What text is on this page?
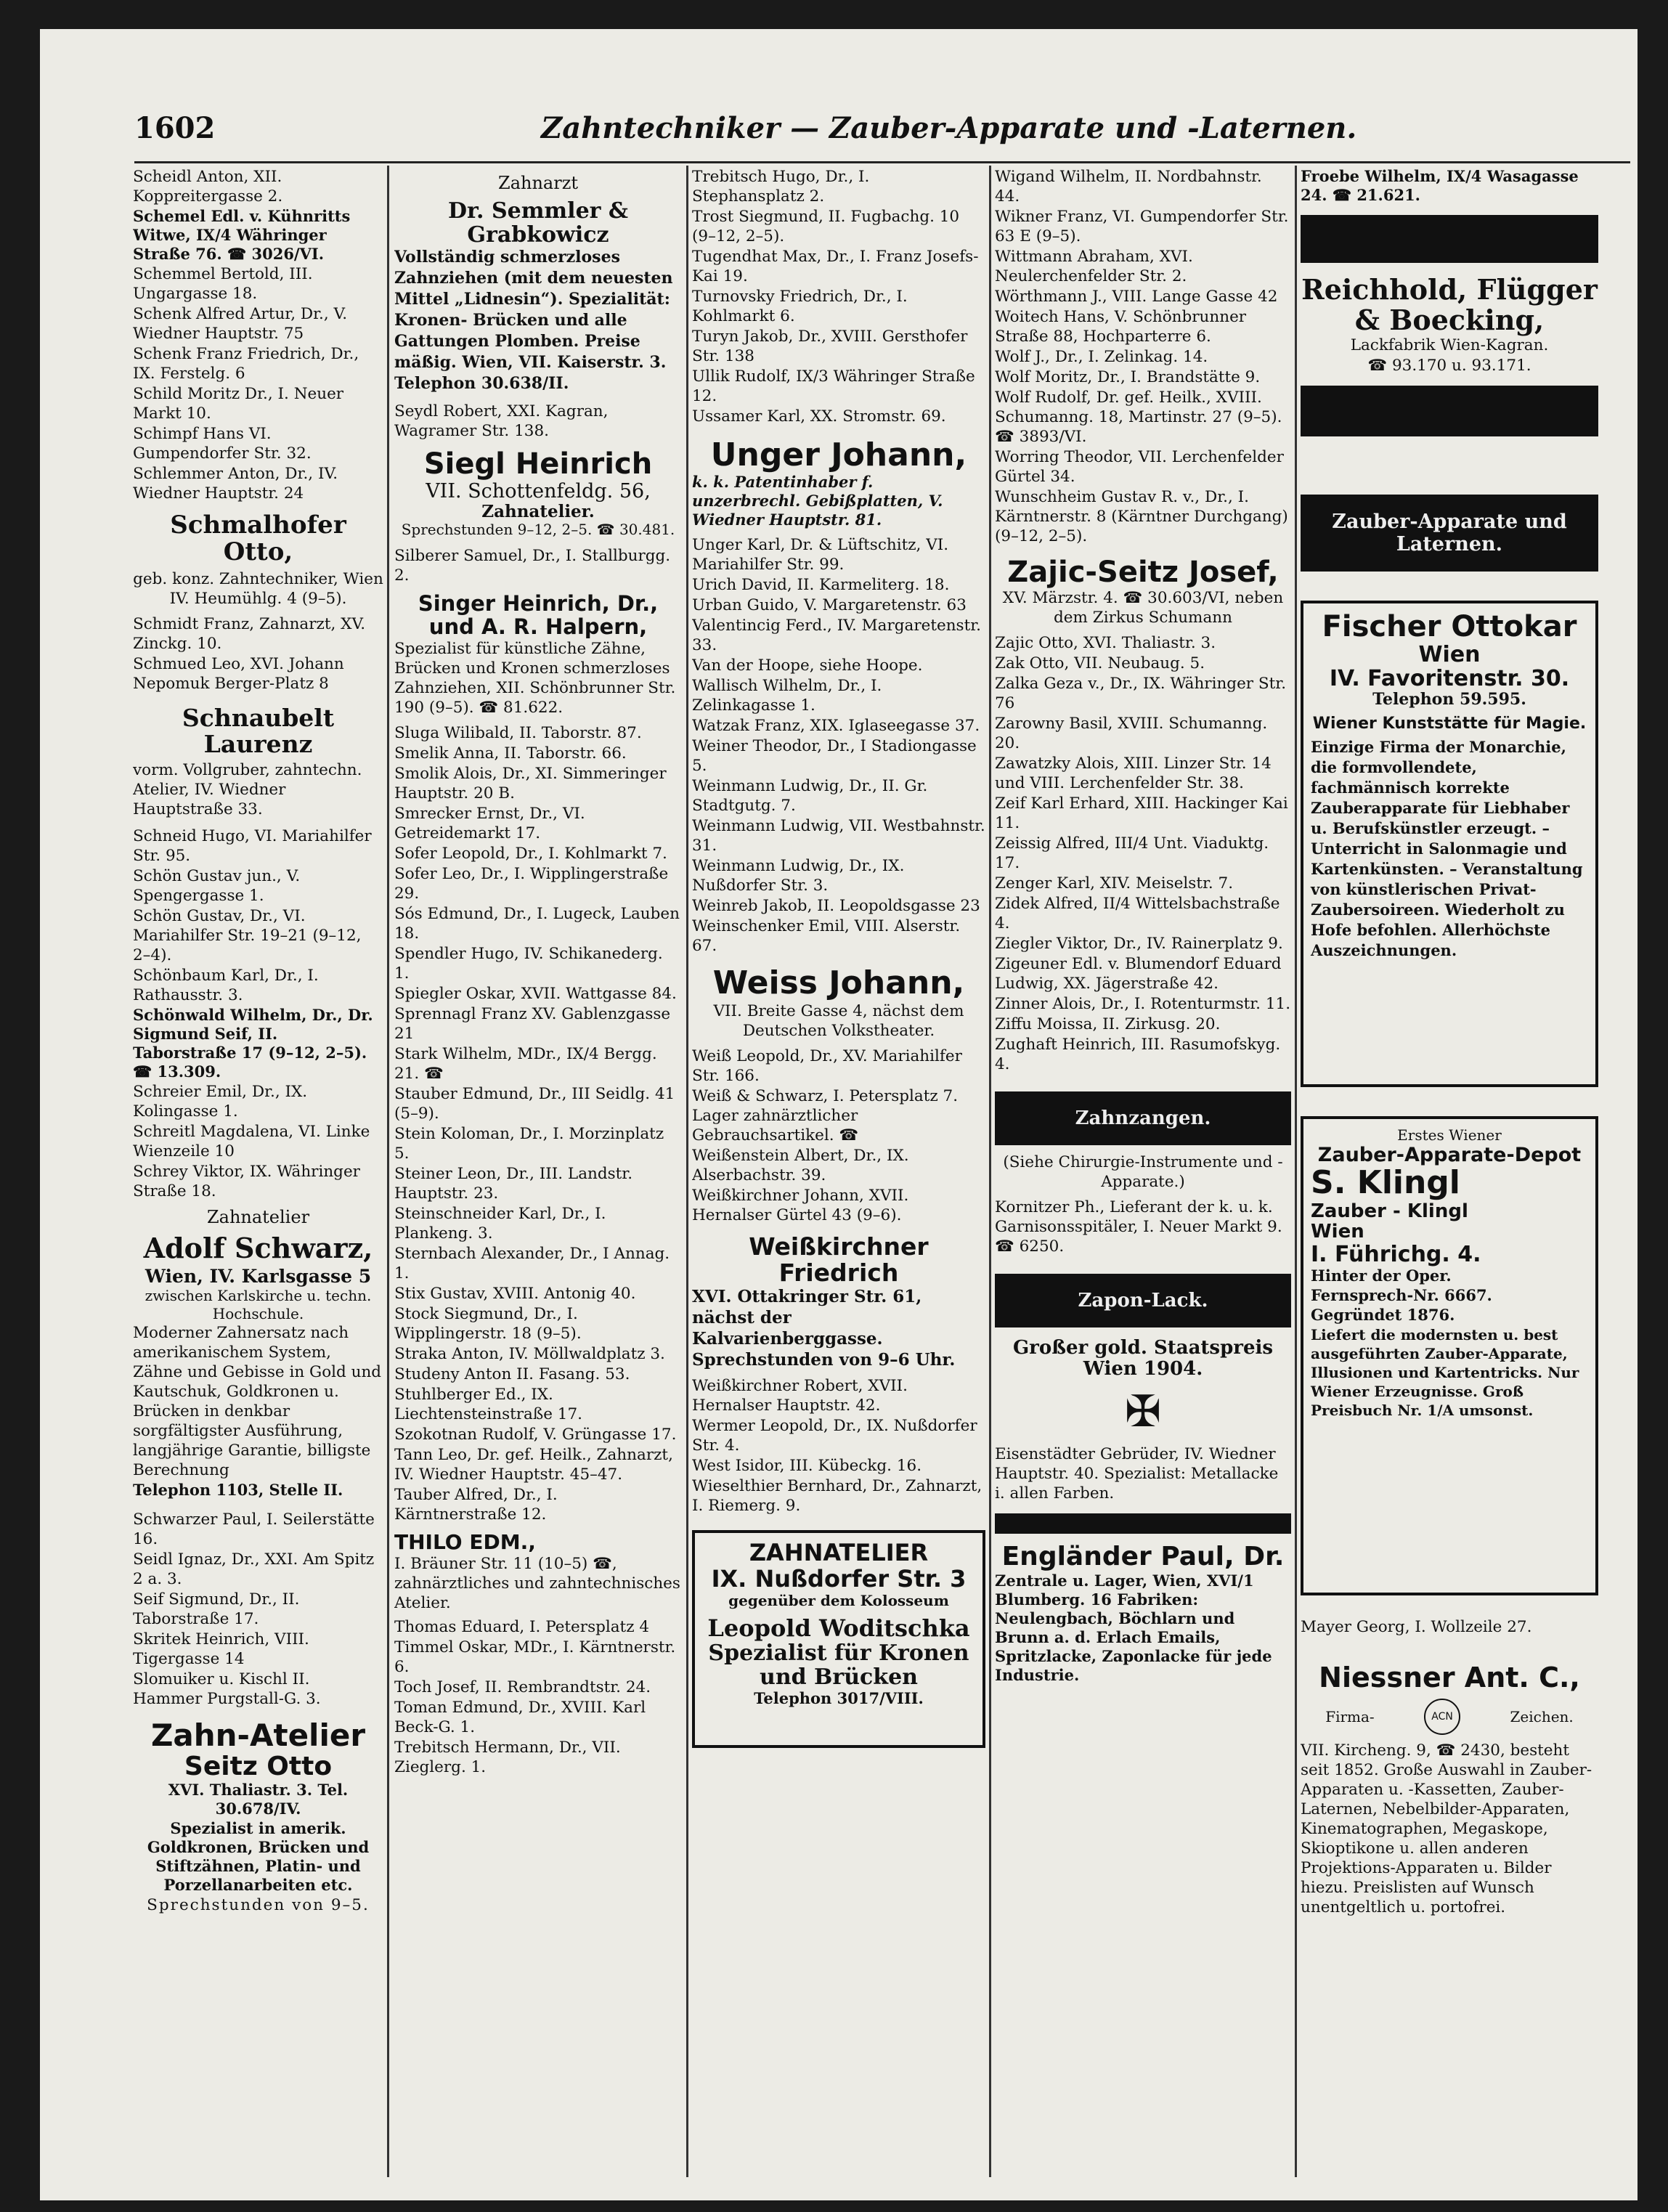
1602	Zahntechniker — Zauber-Apparate und -Laternen.
Scheidl Anton, XII. Koppreitergasse 2.
Schemel Edl. v. Kühnritts Witwe, IX/4 Währinger Straße 76. ☎ 3026/VI.
Schemmel Bertold, III. Ungargasse 18.
Schenk Alfred Artur, Dr., V. Wiedner Hauptstr. 75
Schenk Franz Friedrich, Dr., IX. Ferstelg. 6
Schild Moritz Dr., I. Neuer Markt 10.
Schimpf Hans VI. Gumpendorfer Str. 32.
Schlemmer Anton, Dr., IV. Wiedner Hauptstr. 24
Schmalhofer Otto,
geb. konz. Zahntechniker, Wien IV. Heumühlg. 4 (9–5).
Schmidt Franz, Zahnarzt, XV. Zinckg. 10.
Schmued Leo, XVI. Johann Nepomuk Berger-Platz 8
Schnaubelt Laurenz
vorm. Vollgruber, zahntechn. Atelier, IV. Wiedner Hauptstraße 33.
Schneid Hugo, VI. Mariahilfer Str. 95.
Schön Gustav jun., V. Spengergasse 1.
Schön Gustav, Dr., VI. Mariahilfer Str. 19–21 (9–12, 2–4).
Schönbaum Karl, Dr., I. Rathausstr. 3.
Schönwald Wilhelm, Dr., Dr. Sigmund Seif, II. Taborstraße 17 (9–12, 2–5). ☎ 13.309.
Schreier Emil, Dr., IX. Kolingasse 1.
Schreitl Magdalena, VI. Linke Wienzeile 10
Schrey Viktor, IX. Währinger Straße 18.
Zahnatelier
Adolf Schwarz,
Wien, IV. Karlsgasse 5
zwischen Karlskirche u. techn. Hochschule.
Moderner Zahnersatz nach amerikanischem System, Zähne und Gebisse in Gold und Kautschuk, Goldkronen u. Brücken in denkbar sorgfältigster Ausführung, langjährige Garantie, billigste Berechnung
Telephon 1103, Stelle II.
Schwarzer Paul, I. Seilerstätte 16.
Seidl Ignaz, Dr., XXI. Am Spitz 2 a. 3.
Seif Sigmund, Dr., II. Taborstraße 17.
Skritek Heinrich, VIII. Tigergasse 14
Slomuiker u. Kischl II. Hammer Purgstall-G. 3.
Zahn-Atelier
Seitz Otto
XVI. Thaliastr. 3. Tel. 30.678/IV.
Spezialist in amerik. Goldkronen, Brücken und Stiftzähnen, Platin- und Porzellanarbeiten etc.
Sprechstunden von 9–5.
Zahnarzt
Dr. Semmler & Grabkowicz
Vollständig schmerzloses Zahnziehen (mit dem neuesten Mittel „Lidnesin“). Spezialität: Kronen- Brücken und alle Gattungen Plomben. Preise mäßig. Wien, VII. Kaiserstr. 3. Telephon 30.638/II.
Seydl Robert, XXI. Kagran, Wagramer Str. 138.
Siegl Heinrich
VII. Schottenfeldg. 56,
Zahnatelier.
Sprechstunden 9–12, 2–5. ☎ 30.481.
Silberer Samuel, Dr., I. Stallburgg. 2.
Singer Heinrich, Dr., und A. R. Halpern,
Spezialist für künstliche Zähne, Brücken und Kronen schmerzloses Zahnziehen, XII. Schönbrunner Str. 190 (9–5). ☎ 81.622.
Sluga Wilibald, II. Taborstr. 87.
Smelik Anna, II. Taborstr. 66.
Smolik Alois, Dr., XI. Simmeringer Hauptstr. 20 B.
Smrecker Ernst, Dr., VI. Getreidemarkt 17.
Sofer Leopold, Dr., I. Kohlmarkt 7.
Sofer Leo, Dr., I. Wipplingerstraße 29.
Sós Edmund, Dr., I. Lugeck, Lauben 18.
Spendler Hugo, IV. Schikanederg. 1.
Spiegler Oskar, XVII. Wattgasse 84.
Sprennagl Franz XV. Gablenzgasse 21
Stark Wilhelm, MDr., IX/4 Bergg. 21. ☎
Stauber Edmund, Dr., III Seidlg. 41 (5–9).
Stein Koloman, Dr., I. Morzinplatz 5.
Steiner Leon, Dr., III. Landstr. Hauptstr. 23.
Steinschneider Karl, Dr., I. Plankeng. 3.
Sternbach Alexander, Dr., I Annag. 1.
Stix Gustav, XVIII. Antonig 40.
Stock Siegmund, Dr., I. Wipplingerstr. 18 (9–5).
Straka Anton, IV. Möllwaldplatz 3.
Studeny Anton II. Fasang. 53.
Stuhlberger Ed., IX. Liechtensteinstraße 17.
Szokotnan Rudolf, V. Grüngasse 17.
Tann Leo, Dr. gef. Heilk., Zahnarzt, IV. Wiedner Hauptstr. 45–47.
Tauber Alfred, Dr., I. Kärntnerstraße 12.
THILO EDM.,
I. Bräuner Str. 11 (10–5) ☎, zahnärztliches und zahntechnisches Atelier.
Thomas Eduard, I. Petersplatz 4
Timmel Oskar, MDr., I. Kärntnerstr. 6.
Toch Josef, II. Rembrandtstr. 24.
Toman Edmund, Dr., XVIII. Karl Beck-G. 1.
Trebitsch Hermann, Dr., VII. Zieglerg. 1.
Trebitsch Hugo, Dr., I. Stephansplatz 2.
Trost Siegmund, II. Fugbachg. 10 (9–12, 2–5).
Tugendhat Max, Dr., I. Franz Josefs-Kai 19.
Turnovsky Friedrich, Dr., I. Kohlmarkt 6.
Turyn Jakob, Dr., XVIII. Gersthofer Str. 138
Ullik Rudolf, IX/3 Währinger Straße 12.
Ussamer Karl, XX. Stromstr. 69.
Unger Johann,
k. k. Patentinhaber f. unzerbrechl. Gebißplatten, V. Wiedner Hauptstr. 81.
Unger Karl, Dr. & Lüftschitz, VI. Mariahilfer Str. 99.
Urich David, II. Karmeliterg. 18.
Urban Guido, V. Margaretenstr. 63
Valentincig Ferd., IV. Margaretenstr. 33.
Van der Hoope, siehe Hoope.
Wallisch Wilhelm, Dr., I. Zelinkagasse 1.
Watzak Franz, XIX. Iglaseegasse 37.
Weiner Theodor, Dr., I Stadiongasse 5.
Weinmann Ludwig, Dr., II. Gr. Stadtgutg. 7.
Weinmann Ludwig, VII. Westbahnstr. 31.
Weinmann Ludwig, Dr., IX. Nußdorfer Str. 3.
Weinreb Jakob, II. Leopoldsgasse 23
Weinschenker Emil, VIII. Alserstr. 67.
Weiss Johann,
VII. Breite Gasse 4, nächst dem Deutschen Volkstheater.
Weiß Leopold, Dr., XV. Mariahilfer Str. 166.
Weiß & Schwarz, I. Petersplatz 7. Lager zahnärztlicher Gebrauchsartikel. ☎
Weißenstein Albert, Dr., IX. Alserbachstr. 39.
Weißkirchner Johann, XVII. Hernalser Gürtel 43 (9–6).
Weißkirchner Friedrich
XVI. Ottakringer Str. 61, nächst der Kalvarienberggasse. Sprechstunden von 9–6 Uhr.
Weißkirchner Robert, XVII. Hernalser Hauptstr. 42.
Wermer Leopold, Dr., IX. Nußdorfer Str. 4.
West Isidor, III. Kübeckg. 16.
Wieselthier Bernhard, Dr., Zahnarzt, I. Riemerg. 9.
ZAHNATELIER
IX. Nußdorfer Str. 3
gegenüber dem Kolosseum
Leopold Woditschka
Spezialist für Kronen und Brücken
Telephon 3017/VIII.
Wigand Wilhelm, II. Nordbahnstr. 44.
Wikner Franz, VI. Gumpendorfer Str. 63 E (9–5).
Wittmann Abraham, XVI. Neulerchenfelder Str. 2.
Wörthmann J., VIII. Lange Gasse 42
Woitech Hans, V. Schönbrunner Straße 88, Hochparterre 6.
Wolf J., Dr., I. Zelinkag. 14.
Wolf Moritz, Dr., I. Brandstätte 9.
Wolf Rudolf, Dr. gef. Heilk., XVIII. Schumanng. 18, Martinstr. 27 (9–5). ☎ 3893/VI.
Worring Theodor, VII. Lerchenfelder Gürtel 34.
Wunschheim Gustav R. v., Dr., I. Kärntnerstr. 8 (Kärntner Durchgang) (9–12, 2–5).
Zajic-Seitz Josef,
XV. Märzstr. 4. ☎ 30.603/VI, neben dem Zirkus Schumann
Zajic Otto, XVI. Thaliastr. 3.
Zak Otto, VII. Neubaug. 5.
Zalka Geza v., Dr., IX. Währinger Str. 76
Zarowny Basil, XVIII. Schumanng. 20.
Zawatzky Alois, XIII. Linzer Str. 14 und VIII. Lerchenfelder Str. 38.
Zeif Karl Erhard, XIII. Hackinger Kai 11.
Zeissig Alfred, III/4 Unt. Viaduktg. 17.
Zenger Karl, XIV. Meiselstr. 7.
Zidek Alfred, II/4 Wittelsbachstraße 4.
Ziegler Viktor, Dr., IV. Rainerplatz 9.
Zigeuner Edl. v. Blumendorf Eduard Ludwig, XX. Jägerstraße 42.
Zinner Alois, Dr., I. Rotenturmstr. 11.
Ziffu Moissa, II. Zirkusg. 20.
Zughaft Heinrich, III. Rasumofskyg. 4.
Zahnzangen.
(Siehe Chirurgie-Instrumente und -Apparate.)
Kornitzer Ph., Lieferant der k. u. k. Garnisonsspitäler, I. Neuer Markt 9. ☎ 6250.
Zapon-Lack.
Großer gold. Staatspreis Wien 1904.
✠
Eisenstädter Gebrüder, IV. Wiedner Hauptstr. 40. Spezialist: Metallacke i. allen Farben.
Engländer Paul, Dr.
Zentrale u. Lager, Wien, XVI/1 Blumberg. 16 Fabriken: Neulengbach, Böchlarn und Brunn a. d. Erlach Emails, Spritzlacke, Zaponlacke für jede Industrie.
Froebe Wilhelm, IX/4 Wasagasse 24. ☎ 21.621.
Reichhold, Flügger & Boecking,
Lackfabrik Wien-Kagran.
☎ 93.170 u. 93.171.
Zauber-Apparate und Laternen.
Fischer Ottokar
Wien
IV. Favoritenstr. 30.
Telephon 59.595.
Wiener Kunststätte für Magie.
Einzige Firma der Monarchie, die formvollendete, fachmännisch korrekte Zauberapparate für Liebhaber u. Berufskünstler erzeugt. – Unterricht in Salonmagie und Kartenkünsten. – Veranstaltung von künstlerischen Privat-Zaubersoireen. Wiederholt zu Hofe befohlen. Allerhöchste Auszeichnungen.
Erstes Wiener
Zauber-Apparate-Depot
S. Klingl
Zauber - Klingl
Wien
I. Führichg. 4.
Hinter der Oper.
Fernsprech-Nr. 6667.
Gegründet 1876.
Liefert die modernsten u. best ausgeführten Zauber-Apparate, Illusionen und Kartentricks. Nur Wiener Erzeugnisse. Groß Preisbuch Nr. 1/A umsonst.
Mayer Georg, I. Wollzeile 27.
Niessner Ant. C.,
Firma-	ACN	Zeichen.
VII. Kircheng. 9, ☎ 2430, besteht seit 1852. Große Auswahl in Zauber-Apparaten u. -Kassetten, Zauber-Laternen, Nebelbilder-Apparaten, Kinematographen, Megaskope, Skioptikone u. allen anderen Projektions-Apparaten u. Bilder hiezu. Preislisten auf Wunsch unentgeltlich u. portofrei.
